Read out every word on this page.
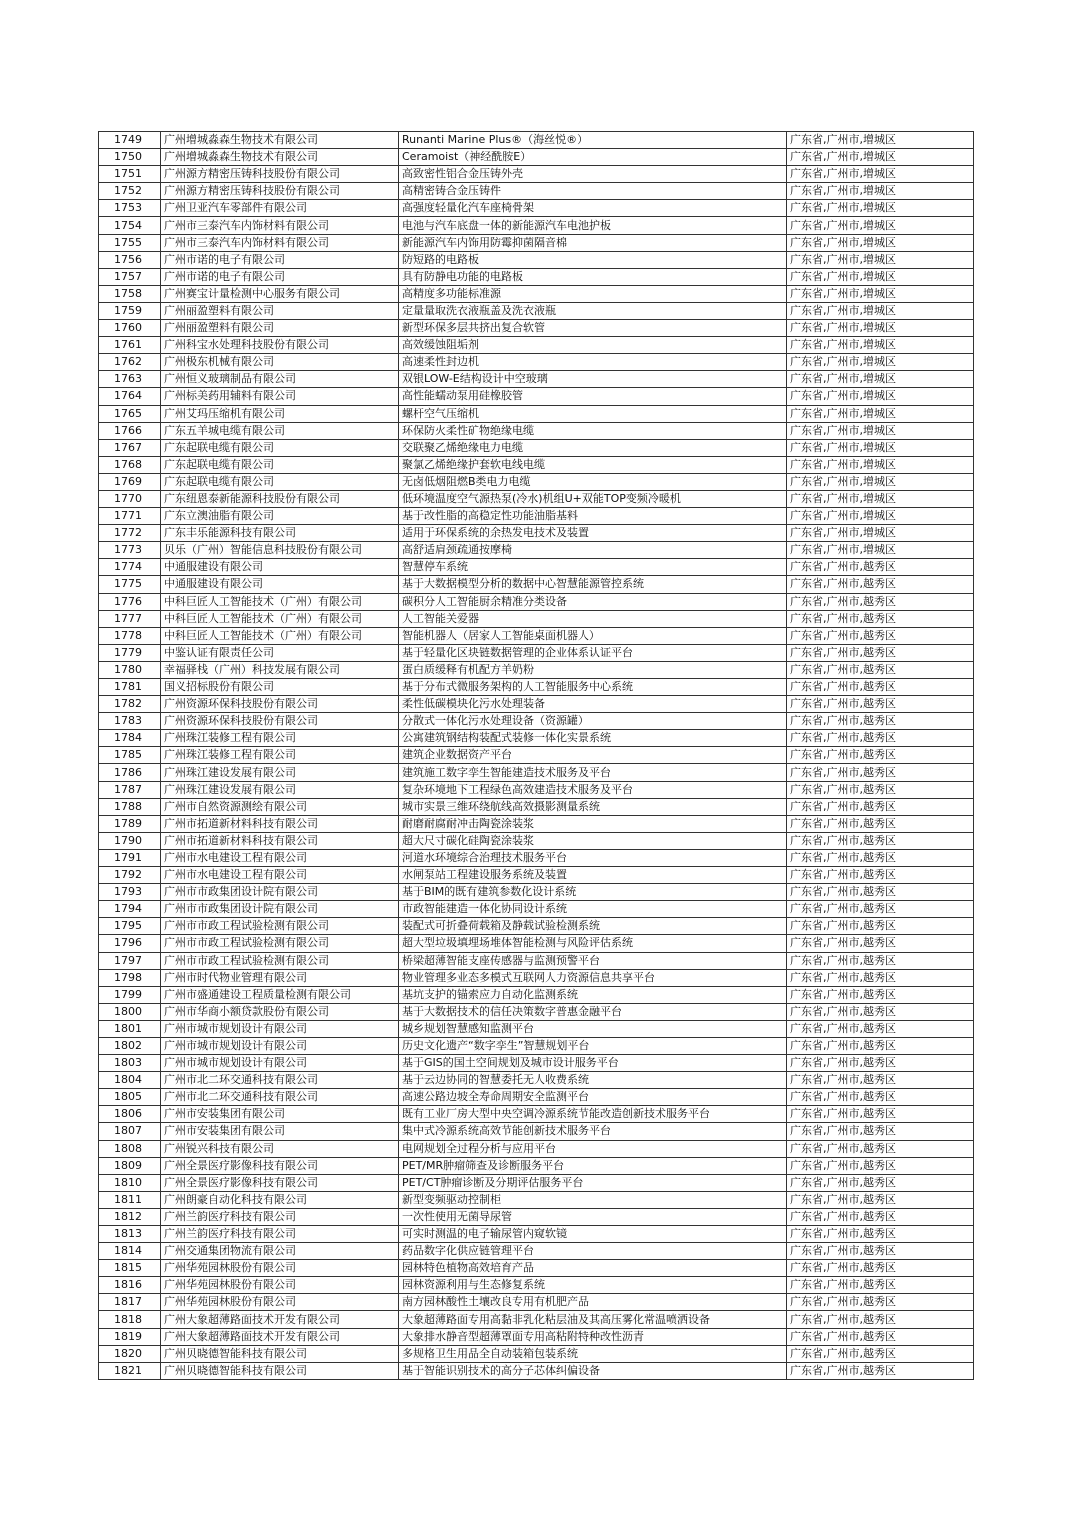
1749	广州增城淼森生物技术有限公司	Runanti Marine Plus®（海丝悦®）	广东省,广州市,增城区
1750	广州增城淼森生物技术有限公司	Ceramoist（神经酰胺E）	广东省,广州市,增城区
1751	广州源方精密压铸科技股份有限公司	高致密性铝合金压铸外壳	广东省,广州市,增城区
1752	广州源方精密压铸科技股份有限公司	高精密铸合金压铸件	广东省,广州市,增城区
1753	广州卫亚汽车零部件有限公司	高强度轻量化汽车座椅骨架	广东省,广州市,增城区
1754	广州市三泰汽车内饰材料有限公司	电池与汽车底盘一体的新能源汽车电池护板	广东省,广州市,增城区
1755	广州市三泰汽车内饰材料有限公司	新能源汽车内饰用防霉抑菌隔音棉	广东省,广州市,增城区
1756	广州市诺的电子有限公司	防短路的电路板	广东省,广州市,增城区
1757	广州市诺的电子有限公司	具有防静电功能的电路板	广东省,广州市,增城区
1758	广州赛宝计量检测中心服务有限公司	高精度多功能标准源	广东省,广州市,增城区
1759	广州丽盈塑料有限公司	定量量取洗衣液瓶盖及洗衣液瓶	广东省,广州市,增城区
1760	广州丽盈塑料有限公司	新型环保多层共挤出复合软管	广东省,广州市,增城区
1761	广州科宝水处理科技股份有限公司	高效缓蚀阻垢剂	广东省,广州市,增城区
1762	广州极东机械有限公司	高速柔性封边机	广东省,广州市,增城区
1763	广州恒义玻璃制品有限公司	双银LOW-E结构设计中空玻璃	广东省,广州市,增城区
1764	广州标美药用辅料有限公司	高性能蠕动泵用硅橡胶管	广东省,广州市,增城区
1765	广州艾玛压缩机有限公司	螺杆空气压缩机	广东省,广州市,增城区
1766	广东五羊城电缆有限公司	环保防火柔性矿物绝缘电缆	广东省,广州市,增城区
1767	广东起联电缆有限公司	交联聚乙烯绝缘电力电缆	广东省,广州市,增城区
1768	广东起联电缆有限公司	聚氯乙烯绝缘护套软电线电缆	广东省,广州市,增城区
1769	广东起联电缆有限公司	无卤低烟阻燃B类电力电缆	广东省,广州市,增城区
1770	广东纽恩泰新能源科技股份有限公司	低环境温度空气源热泵(冷水)机组U+双能TOP变频冷暖机	广东省,广州市,增城区
1771	广东立澳油脂有限公司	基于改性脂的高稳定性功能油脂基料	广东省,广州市,增城区
1772	广东丰乐能源科技有限公司	适用于环保系统的余热发电技术及装置	广东省,广州市,增城区
1773	贝乐（广州）智能信息科技股份有限公司	高舒适肩颈疏通按摩椅	广东省,广州市,增城区
1774	中通服建设有限公司	智慧停车系统	广东省,广州市,越秀区
1775	中通服建设有限公司	基于大数据模型分析的数据中心智慧能源管控系统	广东省,广州市,越秀区
1776	中科巨匠人工智能技术（广州）有限公司	碳积分人工智能厨余精准分类设备	广东省,广州市,越秀区
1777	中科巨匠人工智能技术（广州）有限公司	人工智能关爱器	广东省,广州市,越秀区
1778	中科巨匠人工智能技术（广州）有限公司	智能机器人（居家人工智能桌面机器人）	广东省,广州市,越秀区
1779	中鉴认证有限责任公司	基于轻量化区块链数据管理的企业体系认证平台	广东省,广州市,越秀区
1780	幸福驿栈（广州）科技发展有限公司	蛋白质缓释有机配方羊奶粉	广东省,广州市,越秀区
1781	国义招标股份有限公司	基于分布式微服务架构的人工智能服务中心系统	广东省,广州市,越秀区
1782	广州资源环保科技股份有限公司	柔性低碳模块化污水处理装备	广东省,广州市,越秀区
1783	广州资源环保科技股份有限公司	分散式一体化污水处理设备（资源罐）	广东省,广州市,越秀区
1784	广州珠江装修工程有限公司	公寓建筑钢结构装配式装修一体化实景系统	广东省,广州市,越秀区
1785	广州珠江装修工程有限公司	建筑企业数据资产平台	广东省,广州市,越秀区
1786	广州珠江建设发展有限公司	建筑施工数字孪生智能建造技术服务及平台	广东省,广州市,越秀区
1787	广州珠江建设发展有限公司	复杂环境地下工程绿色高效建造技术服务及平台	广东省,广州市,越秀区
1788	广州市自然资源测绘有限公司	城市实景三维环绕航线高效摄影测量系统	广东省,广州市,越秀区
1789	广州市拓道新材料科技有限公司	耐磨耐腐耐冲击陶瓷涂装浆	广东省,广州市,越秀区
1790	广州市拓道新材料科技有限公司	超大尺寸碳化硅陶瓷涂装浆	广东省,广州市,越秀区
1791	广州市水电建设工程有限公司	河道水环境综合治理技术服务平台	广东省,广州市,越秀区
1792	广州市水电建设工程有限公司	水闸泵站工程建设服务系统及装置	广东省,广州市,越秀区
1793	广州市市政集团设计院有限公司	基于BIM的既有建筑参数化设计系统	广东省,广州市,越秀区
1794	广州市市政集团设计院有限公司	市政智能建造一体化协同设计系统	广东省,广州市,越秀区
1795	广州市市政工程试验检测有限公司	装配式可折叠荷载箱及静载试验检测系统	广东省,广州市,越秀区
1796	广州市市政工程试验检测有限公司	超大型垃圾填埋场堆体智能检测与风险评估系统	广东省,广州市,越秀区
1797	广州市市政工程试验检测有限公司	桥梁超薄智能支座传感器与监测预警平台	广东省,广州市,越秀区
1798	广州市时代物业管理有限公司	物业管理多业态多模式互联网人力资源信息共享平台	广东省,广州市,越秀区
1799	广州市盛通建设工程质量检测有限公司	基坑支护的锚索应力自动化监测系统	广东省,广州市,越秀区
1800	广州市华商小额贷款股份有限公司	基于大数据技术的信任决策数字普惠金融平台	广东省,广州市,越秀区
1801	广州市城市规划设计有限公司	城乡规划智慧感知监测平台	广东省,广州市,越秀区
1802	广州市城市规划设计有限公司	历史文化遗产“数字孪生”智慧规划平台	广东省,广州市,越秀区
1803	广州市城市规划设计有限公司	基于GIS的国土空间规划及城市设计服务平台	广东省,广州市,越秀区
1804	广州市北二环交通科技有限公司	基于云边协同的智慧委托无人收费系统	广东省,广州市,越秀区
1805	广州市北二环交通科技有限公司	高速公路边坡全寿命周期安全监测平台	广东省,广州市,越秀区
1806	广州市安装集团有限公司	既有工业厂房大型中央空调冷源系统节能改造创新技术服务平台	广东省,广州市,越秀区
1807	广州市安装集团有限公司	集中式冷源系统高效节能创新技术服务平台	广东省,广州市,越秀区
1808	广州锐兴科技有限公司	电网规划全过程分析与应用平台	广东省,广州市,越秀区
1809	广州全景医疗影像科技有限公司	PET/MR肿瘤筛查及诊断服务平台	广东省,广州市,越秀区
1810	广州全景医疗影像科技有限公司	PET/CT肿瘤诊断及分期评估服务平台	广东省,广州市,越秀区
1811	广州朗豪自动化科技有限公司	新型变频驱动控制柜	广东省,广州市,越秀区
1812	广州兰韵医疗科技有限公司	一次性使用无菌导尿管	广东省,广州市,越秀区
1813	广州兰韵医疗科技有限公司	可实时测温的电子输尿管内窥软镜	广东省,广州市,越秀区
1814	广州交通集团物流有限公司	药品数字化供应链管理平台	广东省,广州市,越秀区
1815	广州华苑园林股份有限公司	园林特色植物高效培育产品	广东省,广州市,越秀区
1816	广州华苑园林股份有限公司	园林资源利用与生态修复系统	广东省,广州市,越秀区
1817	广州华苑园林股份有限公司	南方园林酸性土壤改良专用有机肥产品	广东省,广州市,越秀区
1818	广州大象超薄路面技术开发有限公司	大象超薄路面专用高黏非乳化粘层油及其高压雾化常温喷洒设备	广东省,广州市,越秀区
1819	广州大象超薄路面技术开发有限公司	大象排水静音型超薄罩面专用高粘附特种改性沥青	广东省,广州市,越秀区
1820	广州贝晓德智能科技有限公司	多规格卫生用品全自动装箱包装系统	广东省,广州市,越秀区
1821	广州贝晓德智能科技有限公司	基于智能识别技术的高分子芯体纠偏设备	广东省,广州市,越秀区
